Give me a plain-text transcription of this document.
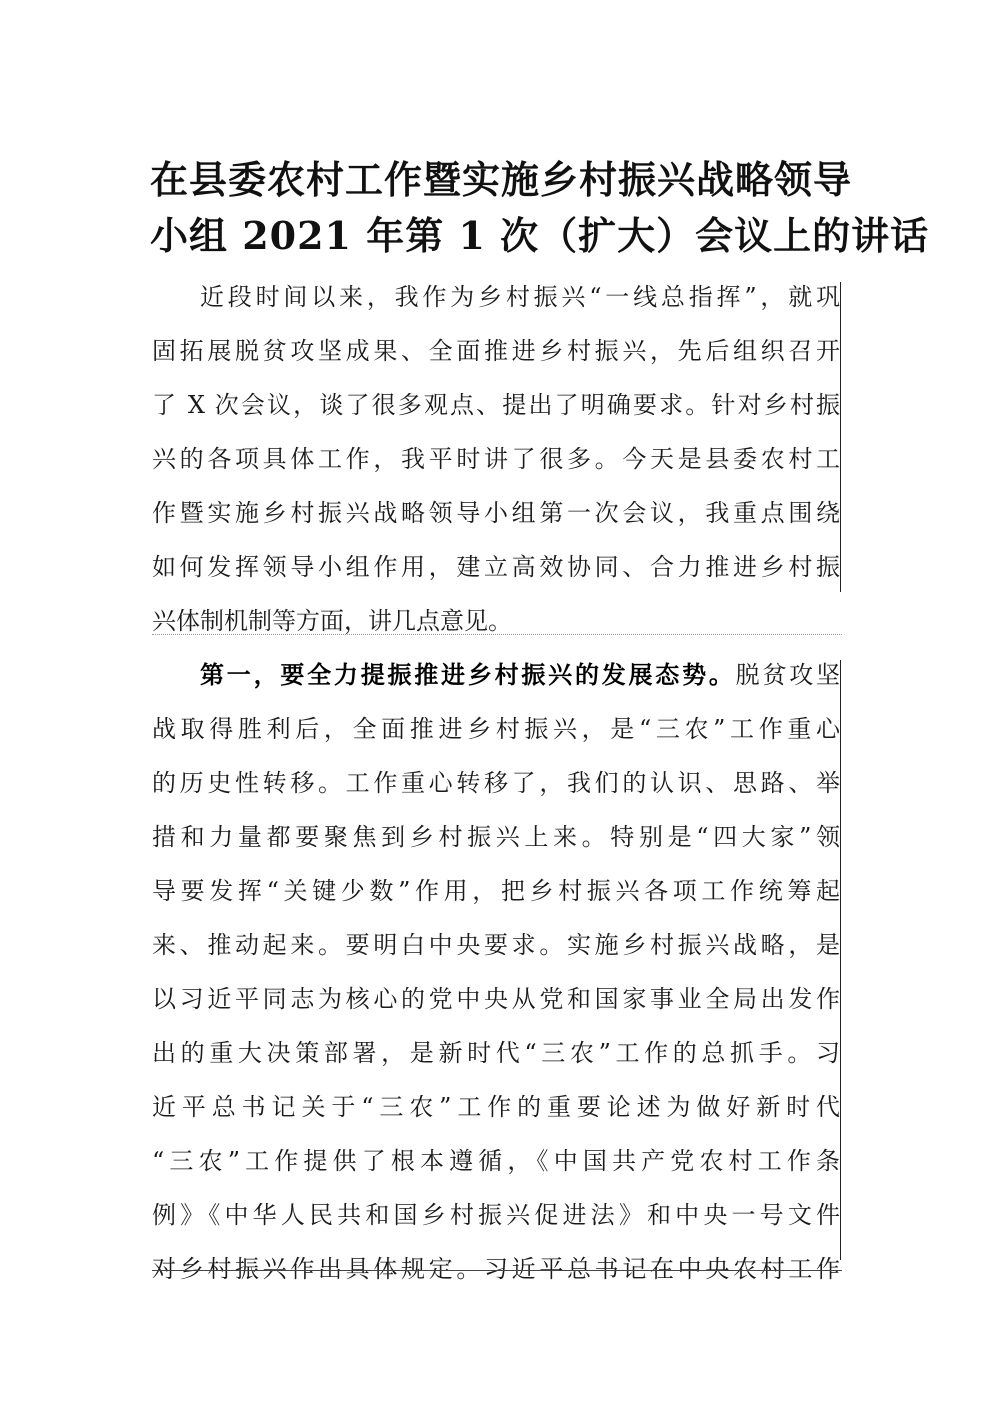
在县委农村工作暨实施乡村振兴战略领导
小组 2021 年第 1 次（扩大）会议上的讲话

近段时间以来，我作为乡村振兴“一线总指挥”，就巩
固拓展脱贫攻坚成果、全面推进乡村振兴，先后组织召开
了 X 次会议，谈了很多观点、提出了明确要求。针对乡村振
兴的各项具体工作，我平时讲了很多。今天是县委农村工
作暨实施乡村振兴战略领导小组第一次会议，我重点围绕
如何发挥领导小组作用，建立高效协同、合力推进乡村振
兴体制机制等方面，讲几点意见。

第一，要全力提振推进乡村振兴的发展态势。脱贫攻坚
战取得胜利后，全面推进乡村振兴，是“三农”工作重心
的历史性转移。工作重心转移了，我们的认识、思路、举
措和力量都要聚焦到乡村振兴上来。特别是“四大家”领
导要发挥“关键少数”作用，把乡村振兴各项工作统筹起
来、推动起来。要明白中央要求。实施乡村振兴战略，是
以习近平同志为核心的党中央从党和国家事业全局出发作
出的重大决策部署，是新时代“三农”工作的总抓手。习
近平总书记关于“三农”工作的重要论述为做好新时代
“三农”工作提供了根本遵循，《中国共产党农村工作条
例》《中华人民共和国乡村振兴促进法》和中央一号文件
对乡村振兴作出具体规定。习近平总书记在中央农村工作
